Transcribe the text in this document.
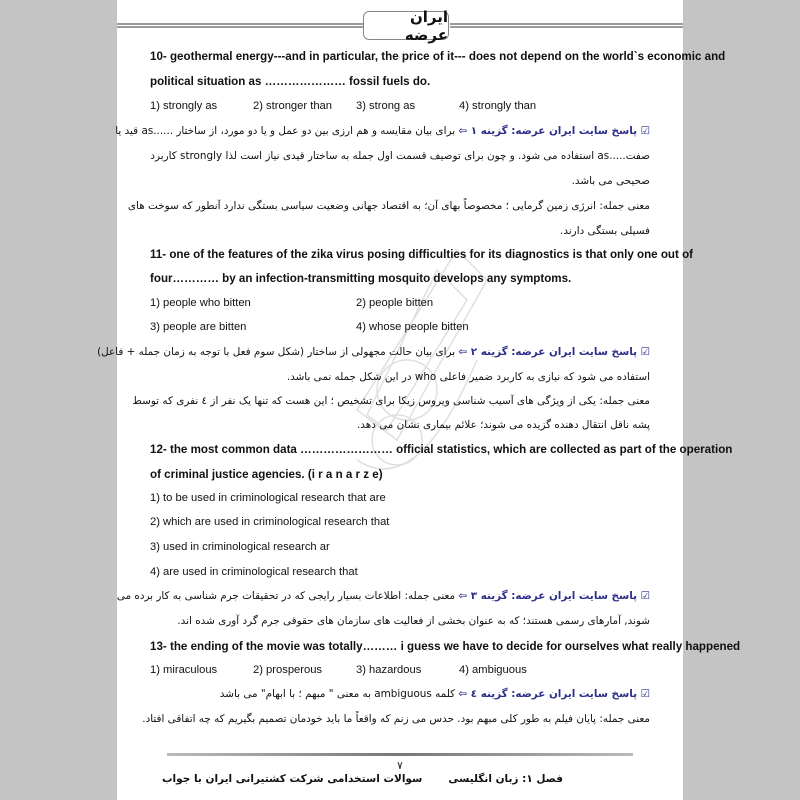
ایران عرضه
10- geothermal energy---and in particular, the price of it--- does not depend on the world`s economic and
political situation as ………………… fossil fuels do.
1) strongly as	2) stronger than 3) strong as	4) strongly than
☑ پاسخ سایت ایران عرضه: گزینه ۱ ⇦ برای بیان مقایسه و هم ارزی بین دو عمل و یا دو مورد، از ساختار ......as قید یا
صفت.....as استفاده می شود. و چون برای توصیف قسمت اول جمله به ساختار قیدی نیاز است لذا strongly کاربرد
صحیحی می باشد.
معنی جمله: انرژی زمین گرمایی ؛ مخصوصاً بهای آن؛ به اقتصاد جهانی وضعیت سیاسی بستگی ندارد آنطور که سوخت های
فسیلی بستگی دارند.
11- one of the features of the zika virus posing difficulties for its diagnostics is that only one out of
four………… by an infection-transmitting mosquito develops any symptoms.
1) people who bitten	2) people bitten
3) people are bitten	4) whose people bitten
☑ پاسخ سایت ایران عرضه: گزینه ۲ ⇦ برای بیان حالت مجهولی از ساختار (شکل سوم فعل با توجه به زمان جمله + فاعل)
استفاده می شود که نیازی به کاربرد ضمیر فاعلی who در این شکل جمله نمی باشد.
معنی جمله: یکی از ویژگی های آسیب شناسی ویروس زیکا برای تشخیص ؛ این هست که تنها یک نفر از ٤ نفری که توسط
پشه ناقل انتقال دهنده گزیده می شوند؛ علائم بیماری نشان می دهد.
12- the most common data …………………… official statistics, which are collected as part of the operation
of criminal justice agencies. (i r a n a r z e)
1) to be used in criminological research that are
2) which are used in criminological research that
3) used in criminological research ar
4) are used in criminological research that
☑ پاسخ سایت ایران عرضه: گزینه ۳ ⇦ معنی جمله: اطلاعات بسیار رایجی که در تحقیقات جرم شناسی به کار برده می
شوند, آمارهای رسمی هستند؛ که به عنوان بخشی از فعالیت های سازمان های حقوقی جرم گرد آوری شده اند.
13- the ending of the movie was totally……… i guess we have to decide for ourselves what really happened
1) miraculous	2) prosperous	3) hazardous	4) ambiguous
☑ پاسخ سایت ایران عرضه: گزینه ٤ ⇦ کلمه ambiguous به معنی " مبهم ؛ با ابهام" می باشد
معنی جمله: پایان فیلم به طور کلی مبهم بود. حدس می زنم که واقعاً ما باید خودمان تصمیم بگیریم که چه اتفاقی افتاد.
۷
فصل ۱: زبان انگلیسی
سوالات استخدامی شرکت کشتیرانی ایران با جواب
